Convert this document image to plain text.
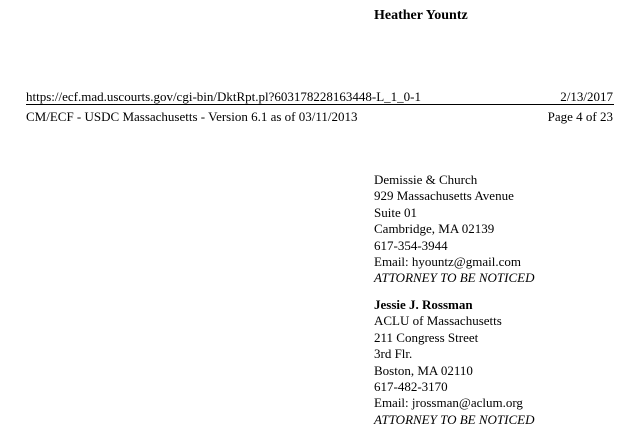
Heather Yountz
https://ecf.mad.uscourts.gov/cgi-bin/DktRpt.pl?603178228163448-L_1_0-1	2/13/2017
CM/ECF - USDC Massachusetts - Version 6.1 as of 03/11/2013	Page 4 of 23
Demissie & Church
929 Massachusetts Avenue
Suite 01
Cambridge, MA 02139
617-354-3944
Email: hyountz@gmail.com
ATTORNEY TO BE NOTICED
Jessie J. Rossman
ACLU of Massachusetts
211 Congress Street
3rd Flr.
Boston, MA 02110
617-482-3170
Email: jrossman@aclum.org
ATTORNEY TO BE NOTICED
